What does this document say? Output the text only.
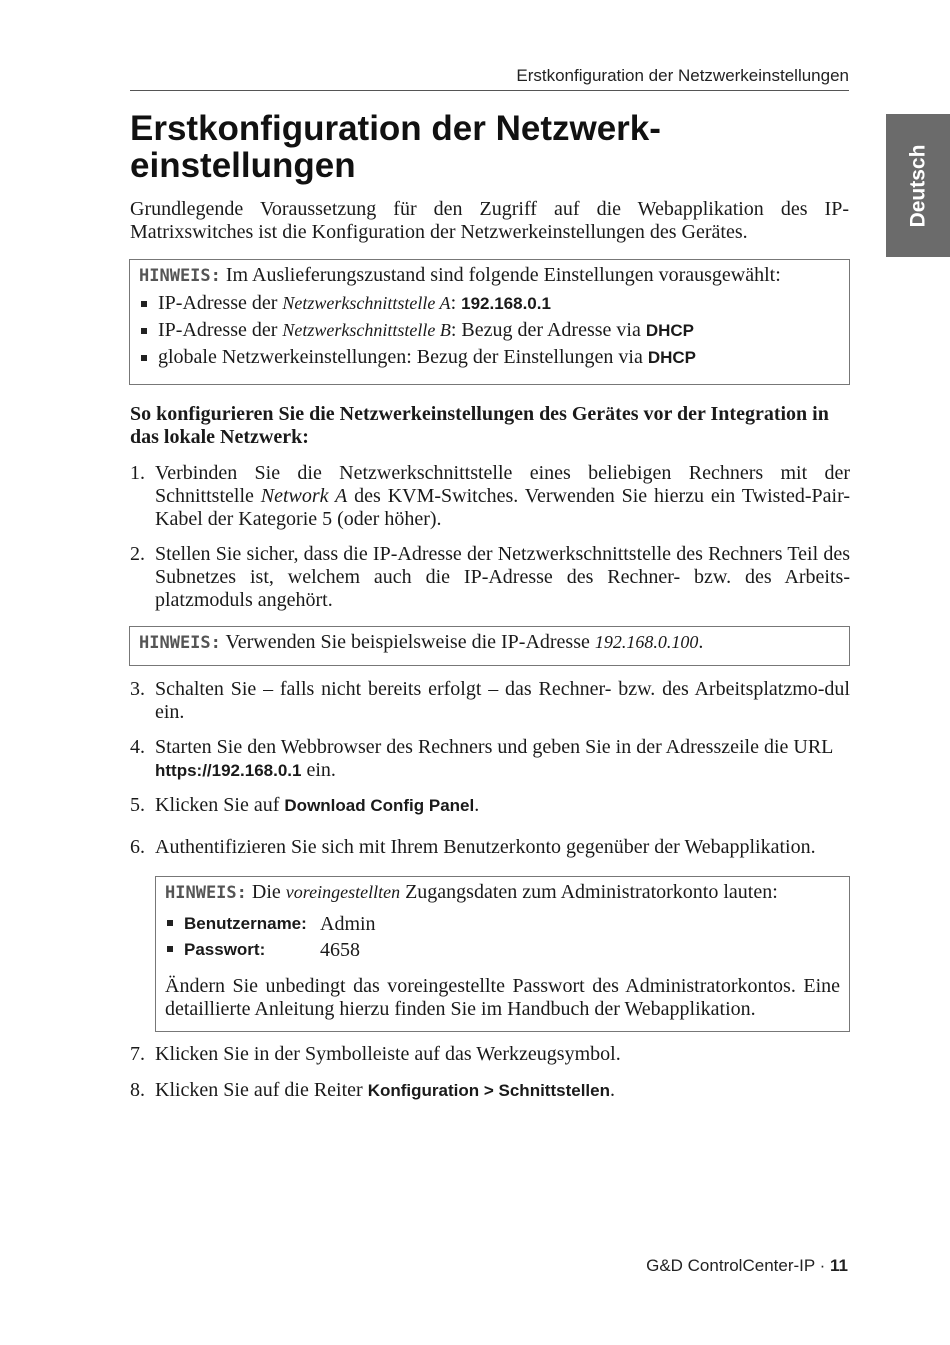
Erstkonfiguration der Netzwerkeinstellungen
Deutsch
Erstkonfiguration der Netzwerk-
einstellungen

Grundlegende Voraussetzung für den Zugriff auf die Webapplikation des IP-Matrixswitches ist die Konfiguration der Netzwerkeinstellungen des Gerätes.

HINWEIS: Im Auslieferungszustand sind folgende Einstellungen vorausgewählt:
IP-Adresse der Netzwerkschnittstelle A: 192.168.0.1
IP-Adresse der Netzwerkschnittstelle B: Bezug der Adresse via DHCP
globale Netzwerkeinstellungen: Bezug der Einstellungen via DHCP

So konfigurieren Sie die Netzwerkeinstellungen des Gerätes vor der Integration in das lokale Netzwerk:

1. Verbinden Sie die Netzwerkschnittstelle eines beliebigen Rechners mit der Schnittstelle Network A des KVM-Switches. Verwenden Sie hierzu ein Twisted-Pair-Kabel der Kategorie 5 (oder höher).
2. Stellen Sie sicher, dass die IP-Adresse der Netzwerkschnittstelle des Rechners Teil des Subnetzes ist, welchem auch die IP-Adresse des Rechner- bzw. des Arbeits-platzmoduls angehört.
HINWEIS: Verwenden Sie beispielsweise die IP-Adresse 192.168.0.100.
3. Schalten Sie – falls nicht bereits erfolgt – das Rechner- bzw. des Arbeitsplatzmo-dul ein.
4. Starten Sie den Webbrowser des Rechners und geben Sie in der Adresszeile die URL https://192.168.0.1 ein.
5. Klicken Sie auf Download Config Panel.
6. Authentifizieren Sie sich mit Ihrem Benutzerkonto gegenüber der Webapplikation.
HINWEIS: Die voreingestellten Zugangsdaten zum Administratorkonto lauten:
Benutzername: Admin
Passwort:	4658

Ändern Sie unbedingt das voreingestellte Passwort des Administratorkontos. Eine detaillierte Anleitung hierzu finden Sie im Handbuch der Webapplikation.

7. Klicken Sie in der Symbolleiste auf das Werkzeugsymbol.
8. Klicken Sie auf die Reiter Konfiguration > Schnittstellen.
G&D ControlCenter-IP · 11
